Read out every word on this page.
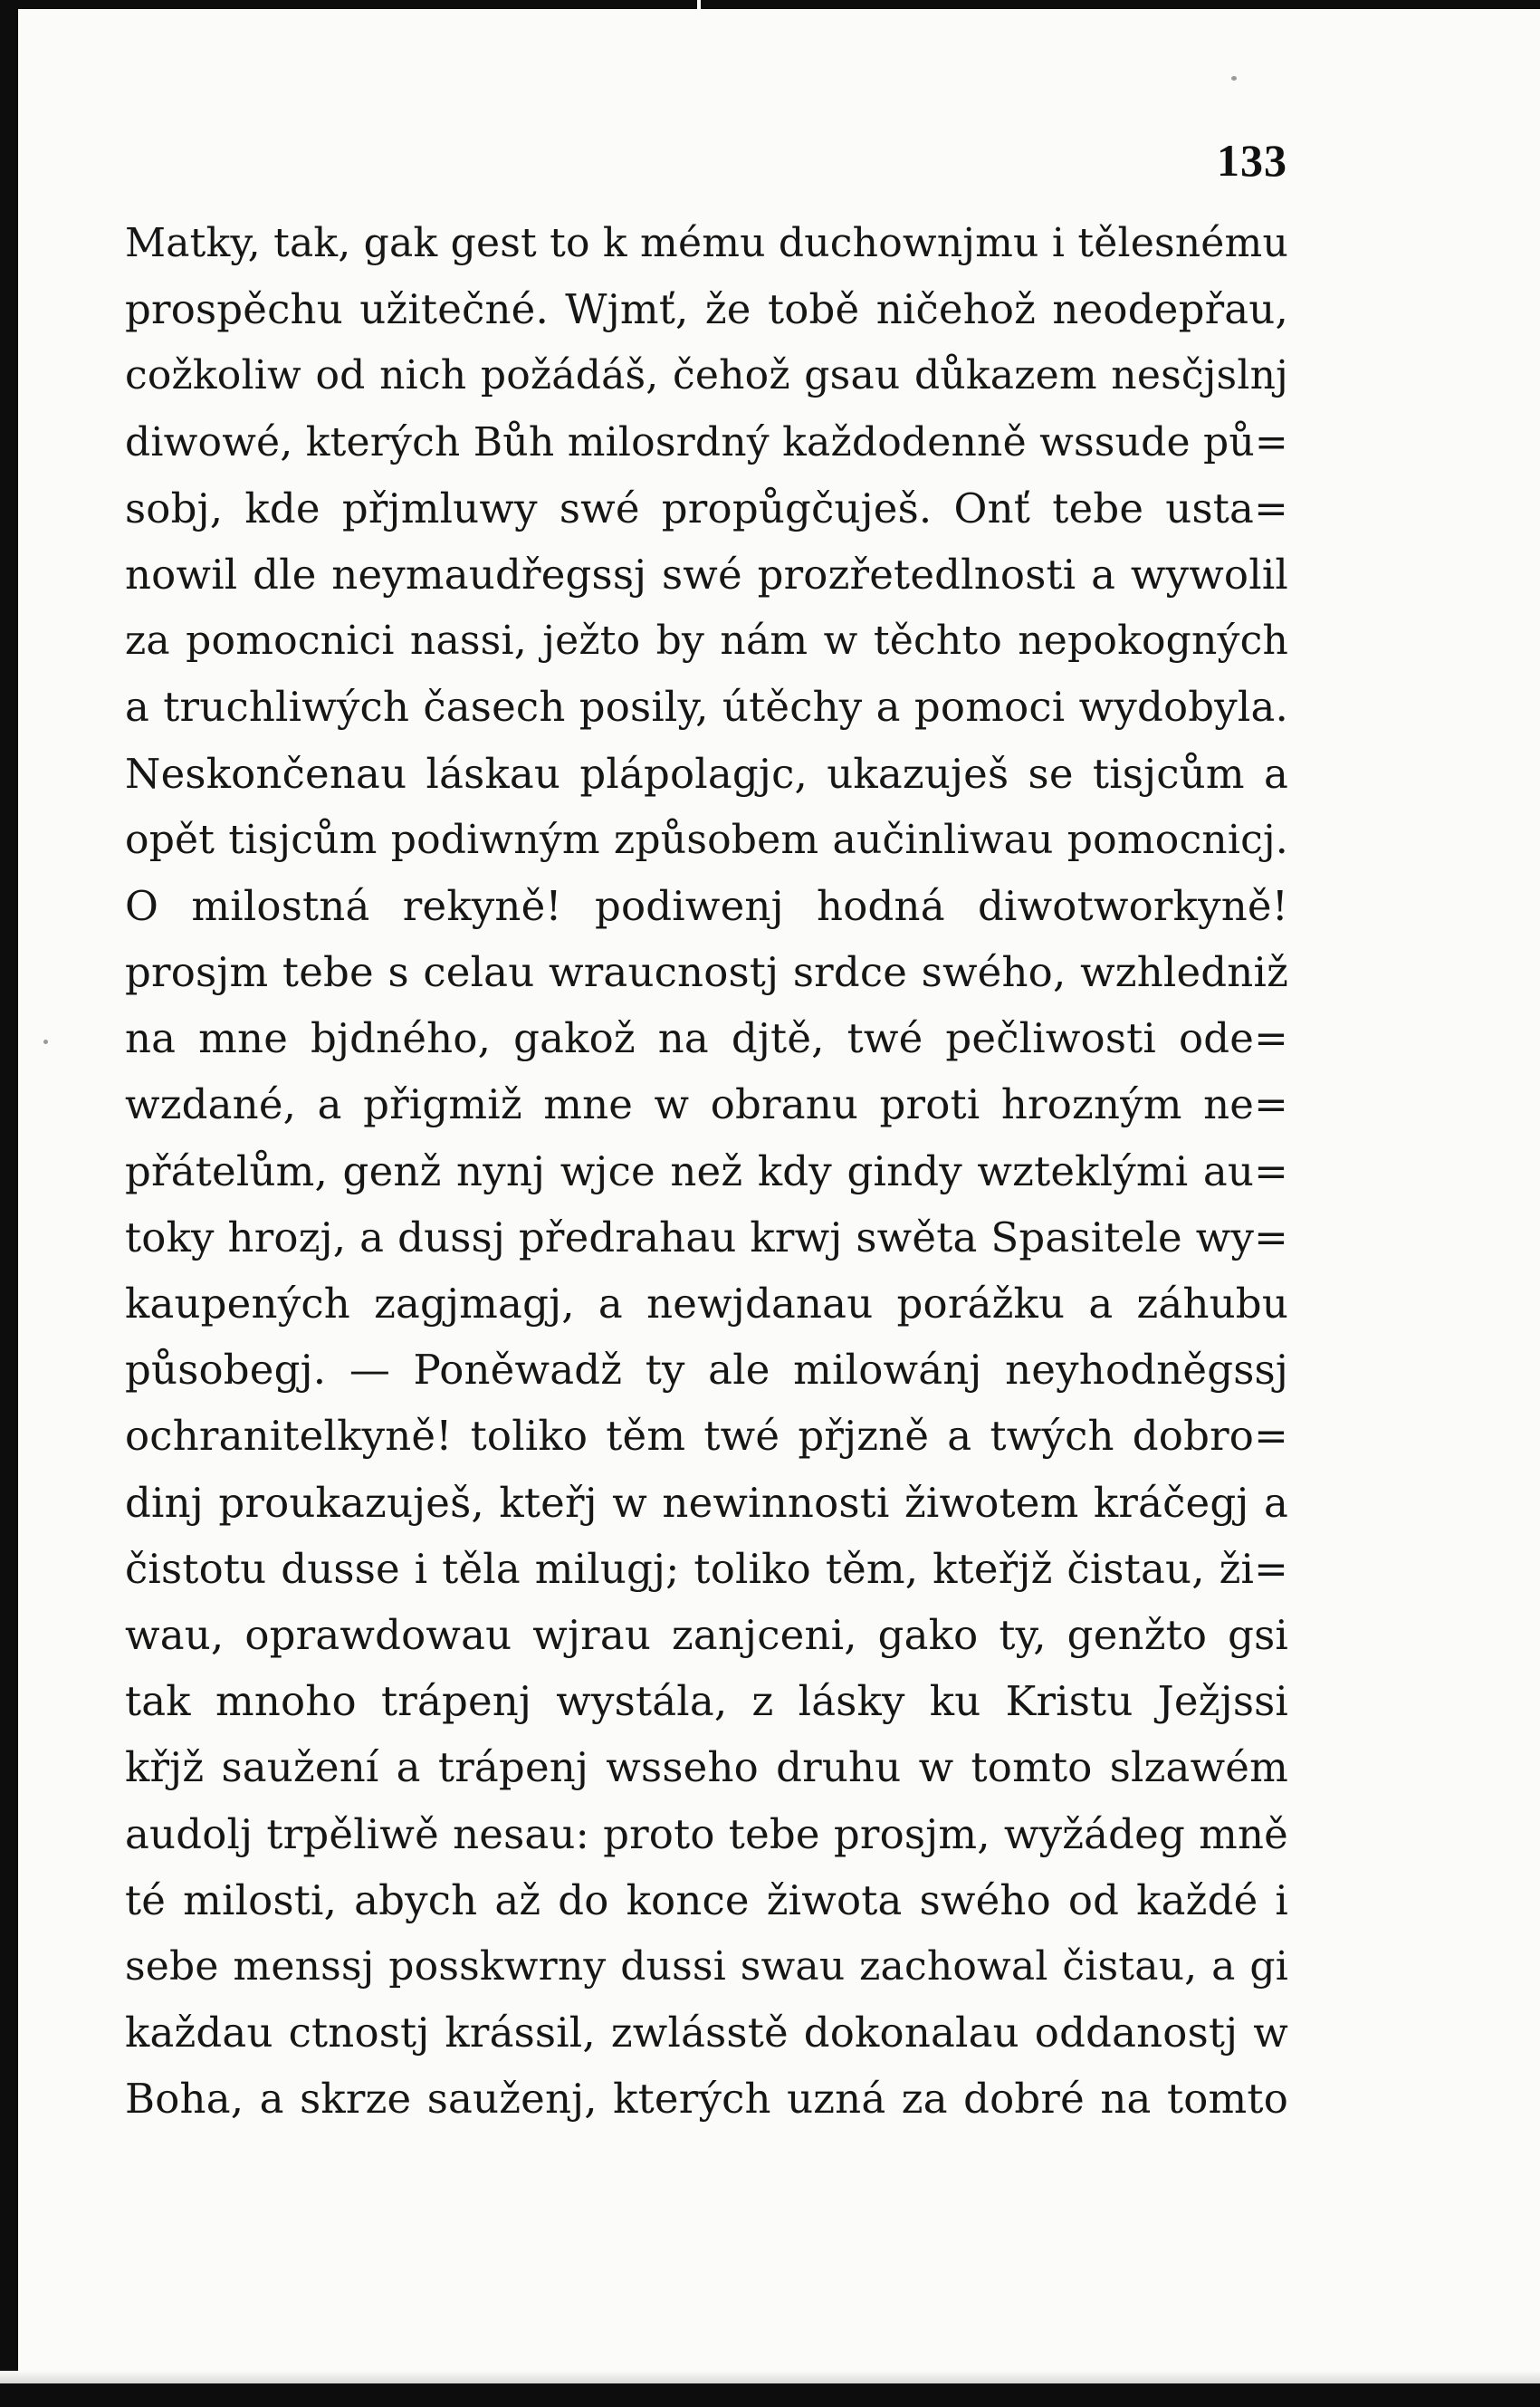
133
Matky, tak, gak gest to k mému duchownjmu i tělesnému
prospěchu užitečné. Wjmť, že tobě ničehož neodepřau,
cožkoliw od nich požádáš, čehož gsau důkazem nesčjslnj
diwowé, kterých Bůh milosrdný každodenně wssude pů=
sobj, kde přjmluwy swé propůgčuješ. Onť tebe usta=
nowil dle neymaudřegssj swé prozřetedlnosti a wywolil
za pomocnici nassi, ježto by nám w těchto nepokogných
a truchliwých časech posily, útěchy a pomoci wydobyla.
Neskončenau láskau plápolagjc, ukazuješ se tisjcům a
opět tisjcům podiwným způsobem aučinliwau pomocnicj.
O milostná rekyně! podiwenj hodná diwotworkyně!
prosjm tebe s celau wraucnostj srdce swého, wzhledniž
na mne bjdného, gakož na djtě, twé pečliwosti ode=
wzdané, a přigmiž mne w obranu proti hrozným ne=
přátelům, genž nynj wjce než kdy gindy wzteklými au=
toky hrozj, a dussj předrahau krwj swěta Spasitele wy=
kaupených zagjmagj, a newjdanau porážku a záhubu
působegj. — Poněwadž ty ale milowánj neyhodněgssj
ochranitelkyně! toliko těm twé přjzně a twých dobro=
dinj proukazuješ, kteřj w newinnosti žiwotem kráčegj a
čistotu dusse i těla milugj; toliko těm, kteřjž čistau, ži=
wau, oprawdowau wjrau zanjceni, gako ty, genžto gsi
tak mnoho trápenj wystála, z lásky ku Kristu Ježjssi
křjž saužení a trápenj wsseho druhu w tomto slzawém
audolj trpěliwě nesau: proto tebe prosjm, wyžádeg mně
té milosti, abych až do konce žiwota swého od každé i
sebe menssj posskwrny dussi swau zachowal čistau, a gi
každau ctnostj krássil, zwlásstě dokonalau oddanostj w
Boha, a skrze sauženj, kterých uzná za dobré na tomto
